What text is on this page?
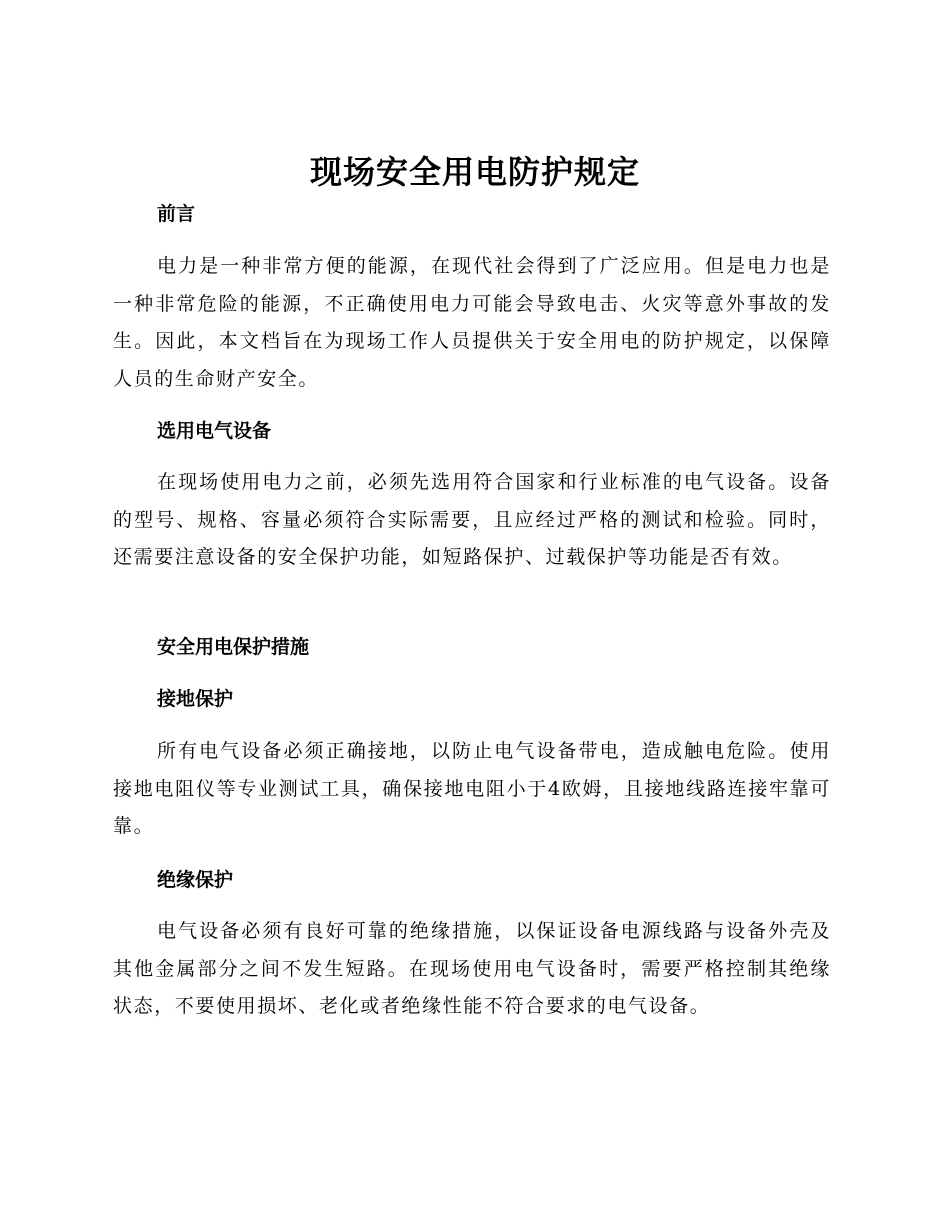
现场安全用电防护规定
前言
电力是一种非常方便的能源，在现代社会得到了广泛应用。但是电力也是一种非常危险的能源，不正确使用电力可能会导致电击、火灾等意外事故的发生。因此，本文档旨在为现场工作人员提供关于安全用电的防护规定，以保障人员的生命财产安全。
选用电气设备
在现场使用电力之前，必须先选用符合国家和行业标准的电气设备。设备的型号、规格、容量必须符合实际需要，且应经过严格的测试和检验。同时，还需要注意设备的安全保护功能，如短路保护、过载保护等功能是否有效。
安全用电保护措施
接地保护
所有电气设备必须正确接地，以防止电气设备带电，造成触电危险。使用接地电阻仪等专业测试工具，确保接地电阻小于4欧姆，且接地线路连接牢靠可靠。
绝缘保护
电气设备必须有良好可靠的绝缘措施，以保证设备电源线路与设备外壳及其他金属部分之间不发生短路。在现场使用电气设备时，需要严格控制其绝缘状态，不要使用损坏、老化或者绝缘性能不符合要求的电气设备。
